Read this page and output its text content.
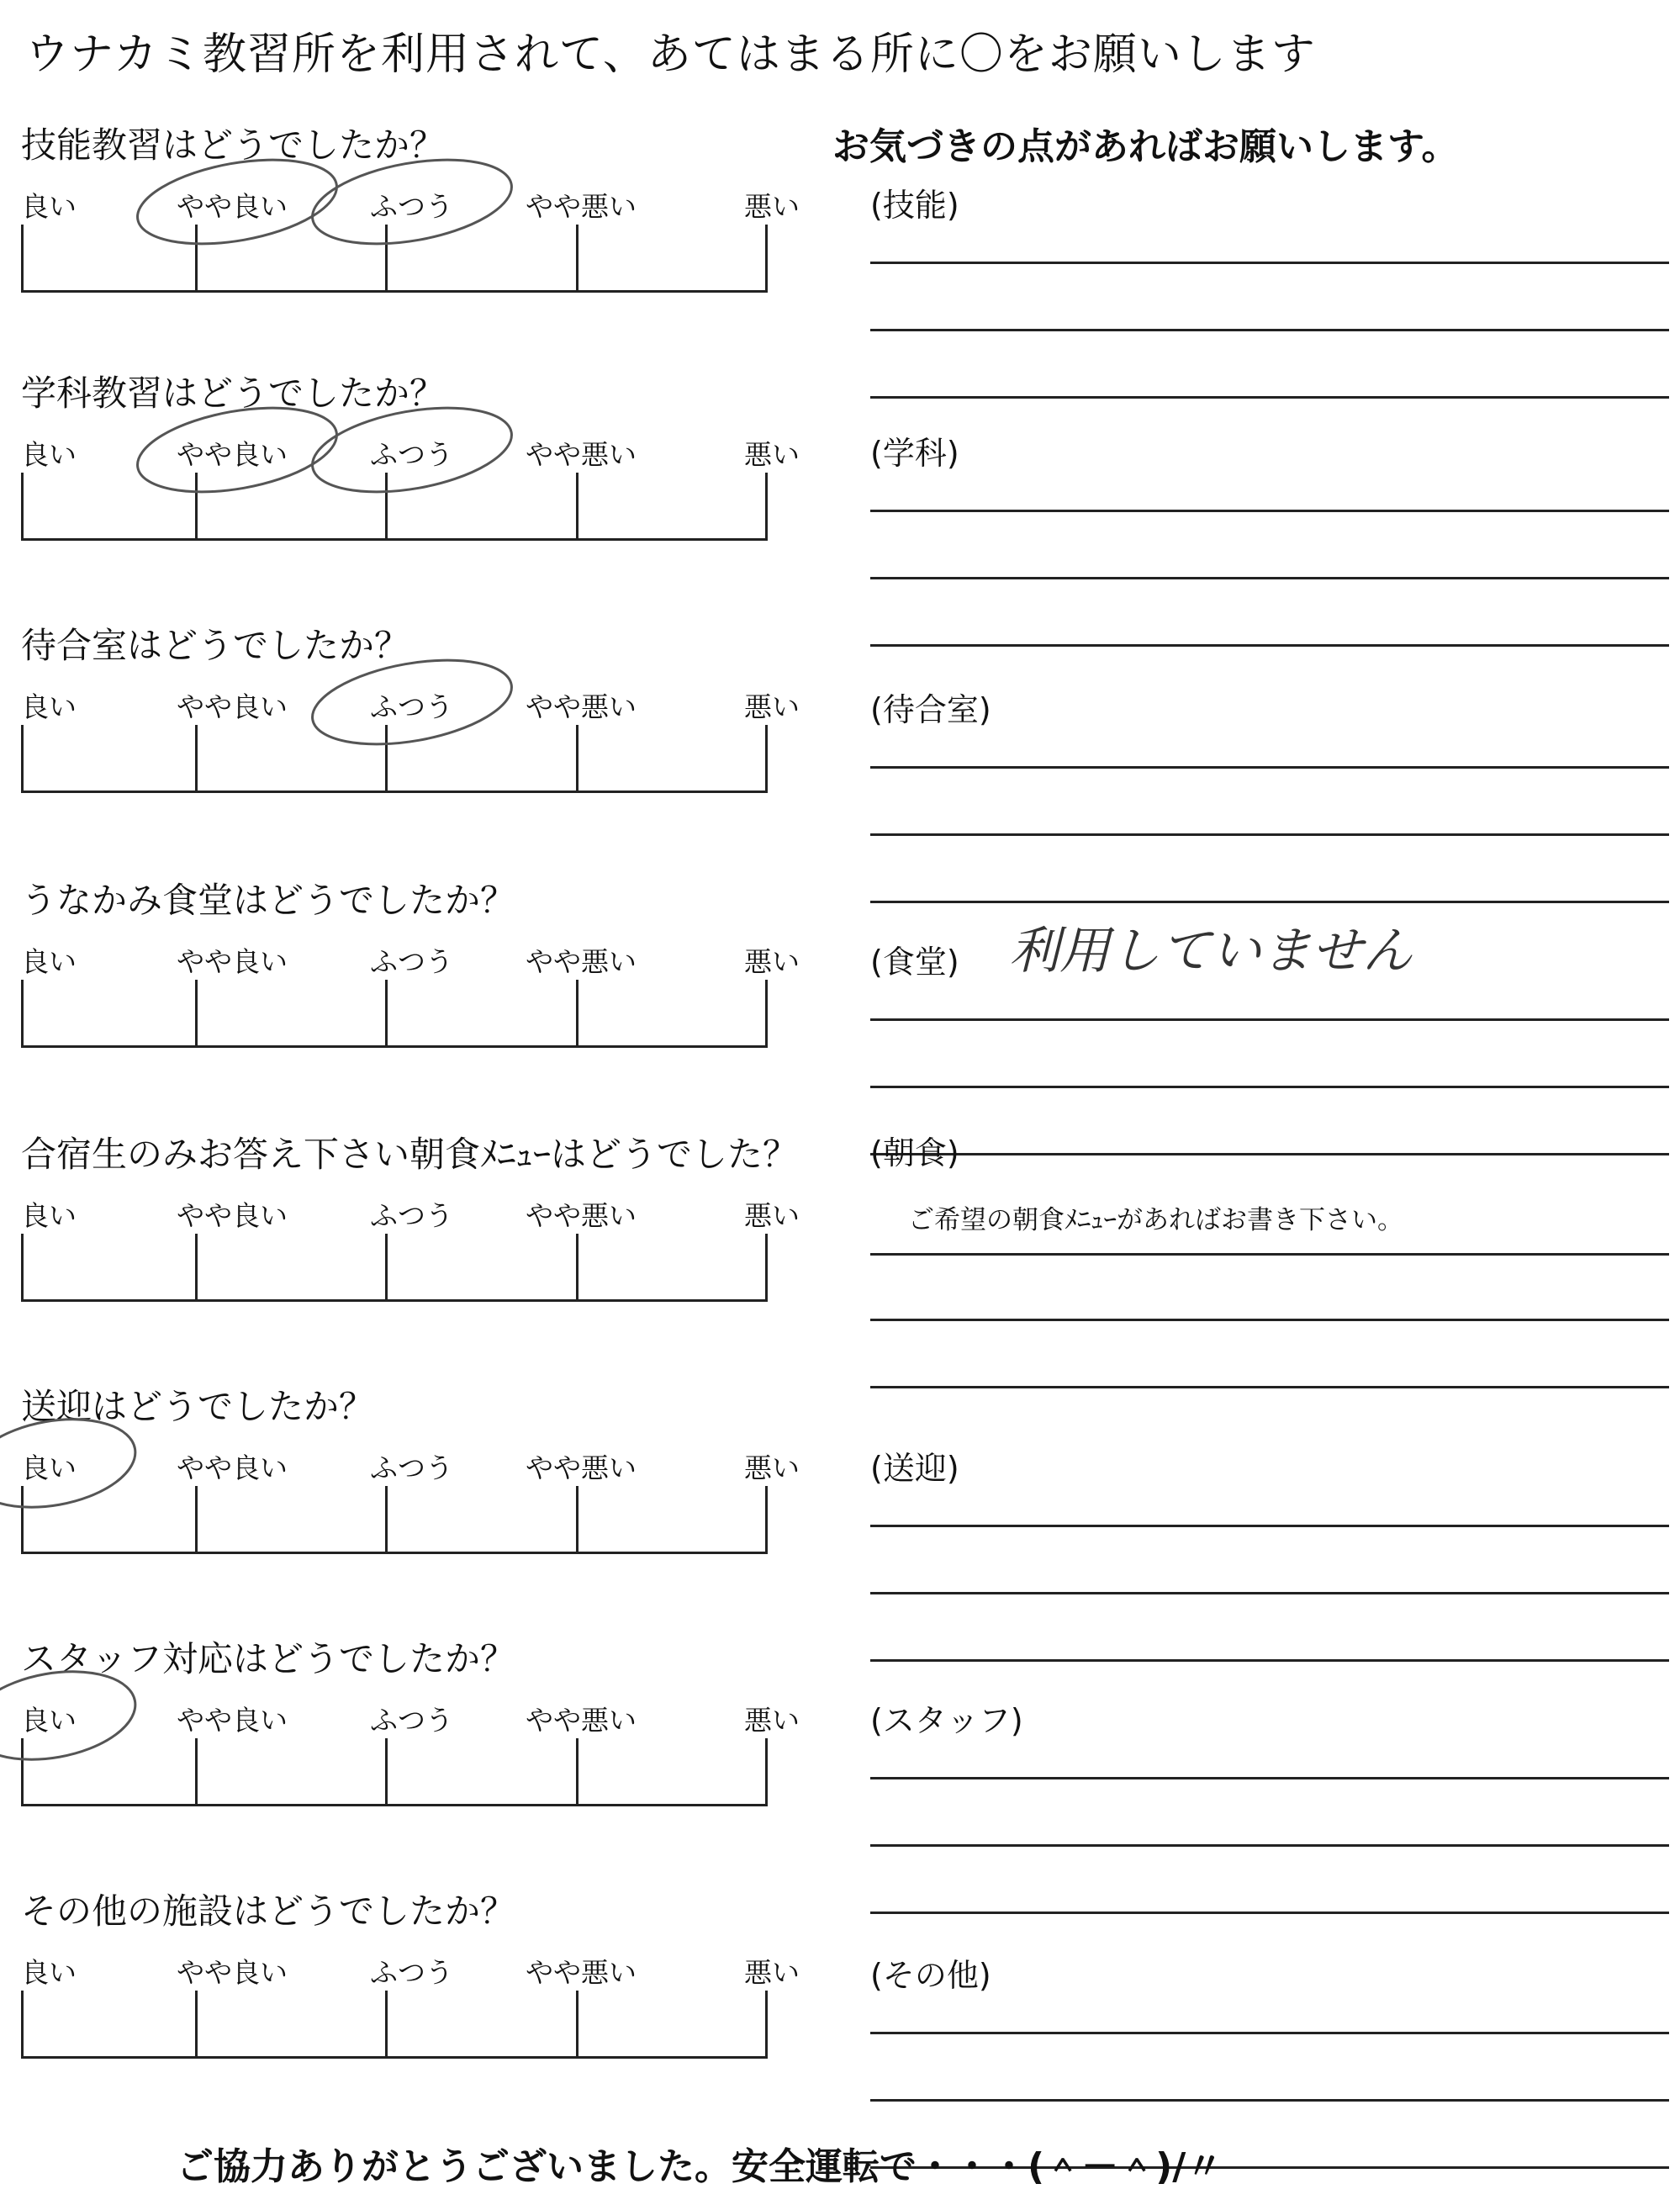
ウナカミ教習所を利用されて、あてはまる所に〇をお願いします
お気づきの点があればお願いします。
技能教習はどうでしたか？
良い	やや良い	ふつう	やや悪い	悪い (技能)
学科教習はどうでしたか？
良い	やや良い	ふつう	やや悪い	悪い (学科)
待合室はどうでしたか？
良い	やや良い	ふつう	やや悪い	悪い (待合室)
うなかみ食堂はどうでしたか？
良い	やや良い	ふつう	やや悪い	悪い (食堂) 利用していません
合宿生のみお答え下さい朝食ﾒﾆｭｰはどうでした？
良い	やや良い	ふつう	やや悪い	悪い
(朝食)
ご希望の朝食ﾒﾆｭｰがあればお書き下さい。
送迎はどうでしたか？
良い	やや良い	ふつう	やや悪い	悪い (送迎)
スタッフ対応はどうでしたか？
良い	やや良い	ふつう	やや悪い	悪い (スタッフ)
その他の施設はどうでしたか？
良い	やや良い	ふつう	やや悪い	悪い (その他)
ご協力ありがとうございました。安全運転で・・・(＾－＾)/〃
